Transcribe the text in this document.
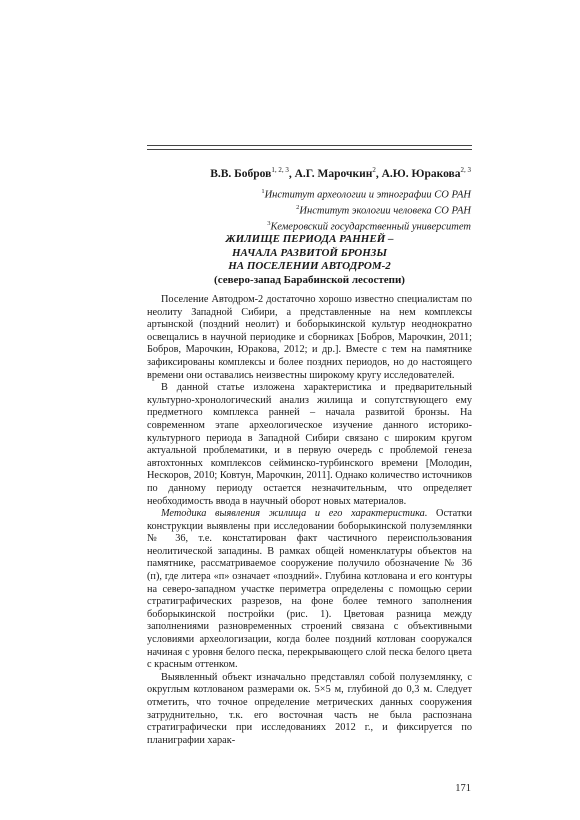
В.В. Бобров$^{1, 2, 3}$, А.Г. Марочкин$^2$, А.Ю. Юракова$^{2, 3}$
$^1$Институт археологии и этнографии СО РАН
$^2$Институт экологии человека СО РАН
$^3$Кемеровский государственный университет
ЖИЛИЩЕ ПЕРИОДА РАННЕЙ –
НАЧАЛА РАЗВИТОЙ БРОНЗЫ
НА ПОСЕЛЕНИИ АВТОДРОМ-2
(северо-запад Барабинской лесостепи)

Поселение Автодром-2 достаточно хорошо известно специалистам по неолиту Западной Сибири, а представленные на нем комплексы артынской (поздний неолит) и боборыкинской культур неоднократно освещались в научной периодике и сборниках [Бобров, Марочкин, 2011; Бобров, Марочкин, Юракова, 2012; и др.]. Вместе с тем на памятнике зафиксированы комплексы и более поздних периодов, но до настоящего времени они оставались неизвестны широкому кругу исследователей.

В данной статье изложена характеристика и предварительный культурно-хронологический анализ жилища и сопутствующего ему предметного комплекса ранней – начала развитой бронзы. На современном этапе археологическое изучение данного историко-культурного периода в Западной Сибири связано с широким кругом актуальной проблематики, и в первую очередь с проблемой генеза автохтонных комплексов сейминско-турбинского времени [Молодин, Нескоров, 2010; Ковтун, Марочкин, 2011]. Однако количество источников по данному периоду остается незначительным, что определяет необходимость ввода в научный оборот новых материалов.

Методика выявления жилища и его характеристика. Остатки конструкции выявлены при исследовании боборыкинской полуземлянки № 36, т.е. констатирован факт частичного переиспользования неолитической западины. В рамках общей номенклатуры объектов на памятнике, рассматриваемое сооружение получило обозначение № 36 (п), где литера «п» означает «поздний». Глубина котлована и его контуры на северо-западном участке периметра определены с помощью серии стратиграфических разрезов, на фоне более темного заполнения боборыкинской постройки (рис. 1). Цветовая разница между заполнениями разновременных строений связана с объективными условиями археологизации, когда более поздний котлован сооружался начиная с уровня белого песка, перекрывающего слой песка белого цвета с красным оттенком.

Выявленный объект изначально представлял собой полуземлянку, с округлым котлованом размерами ок. 5×5 м, глубиной до 0,3 м. Следует отметить, что точное определение метрических данных сооружения затруднительно, т.к. его восточная часть не была распознана стратиграфически при исследованиях 2012 г., и фиксируется по планиграфии харак-

171
